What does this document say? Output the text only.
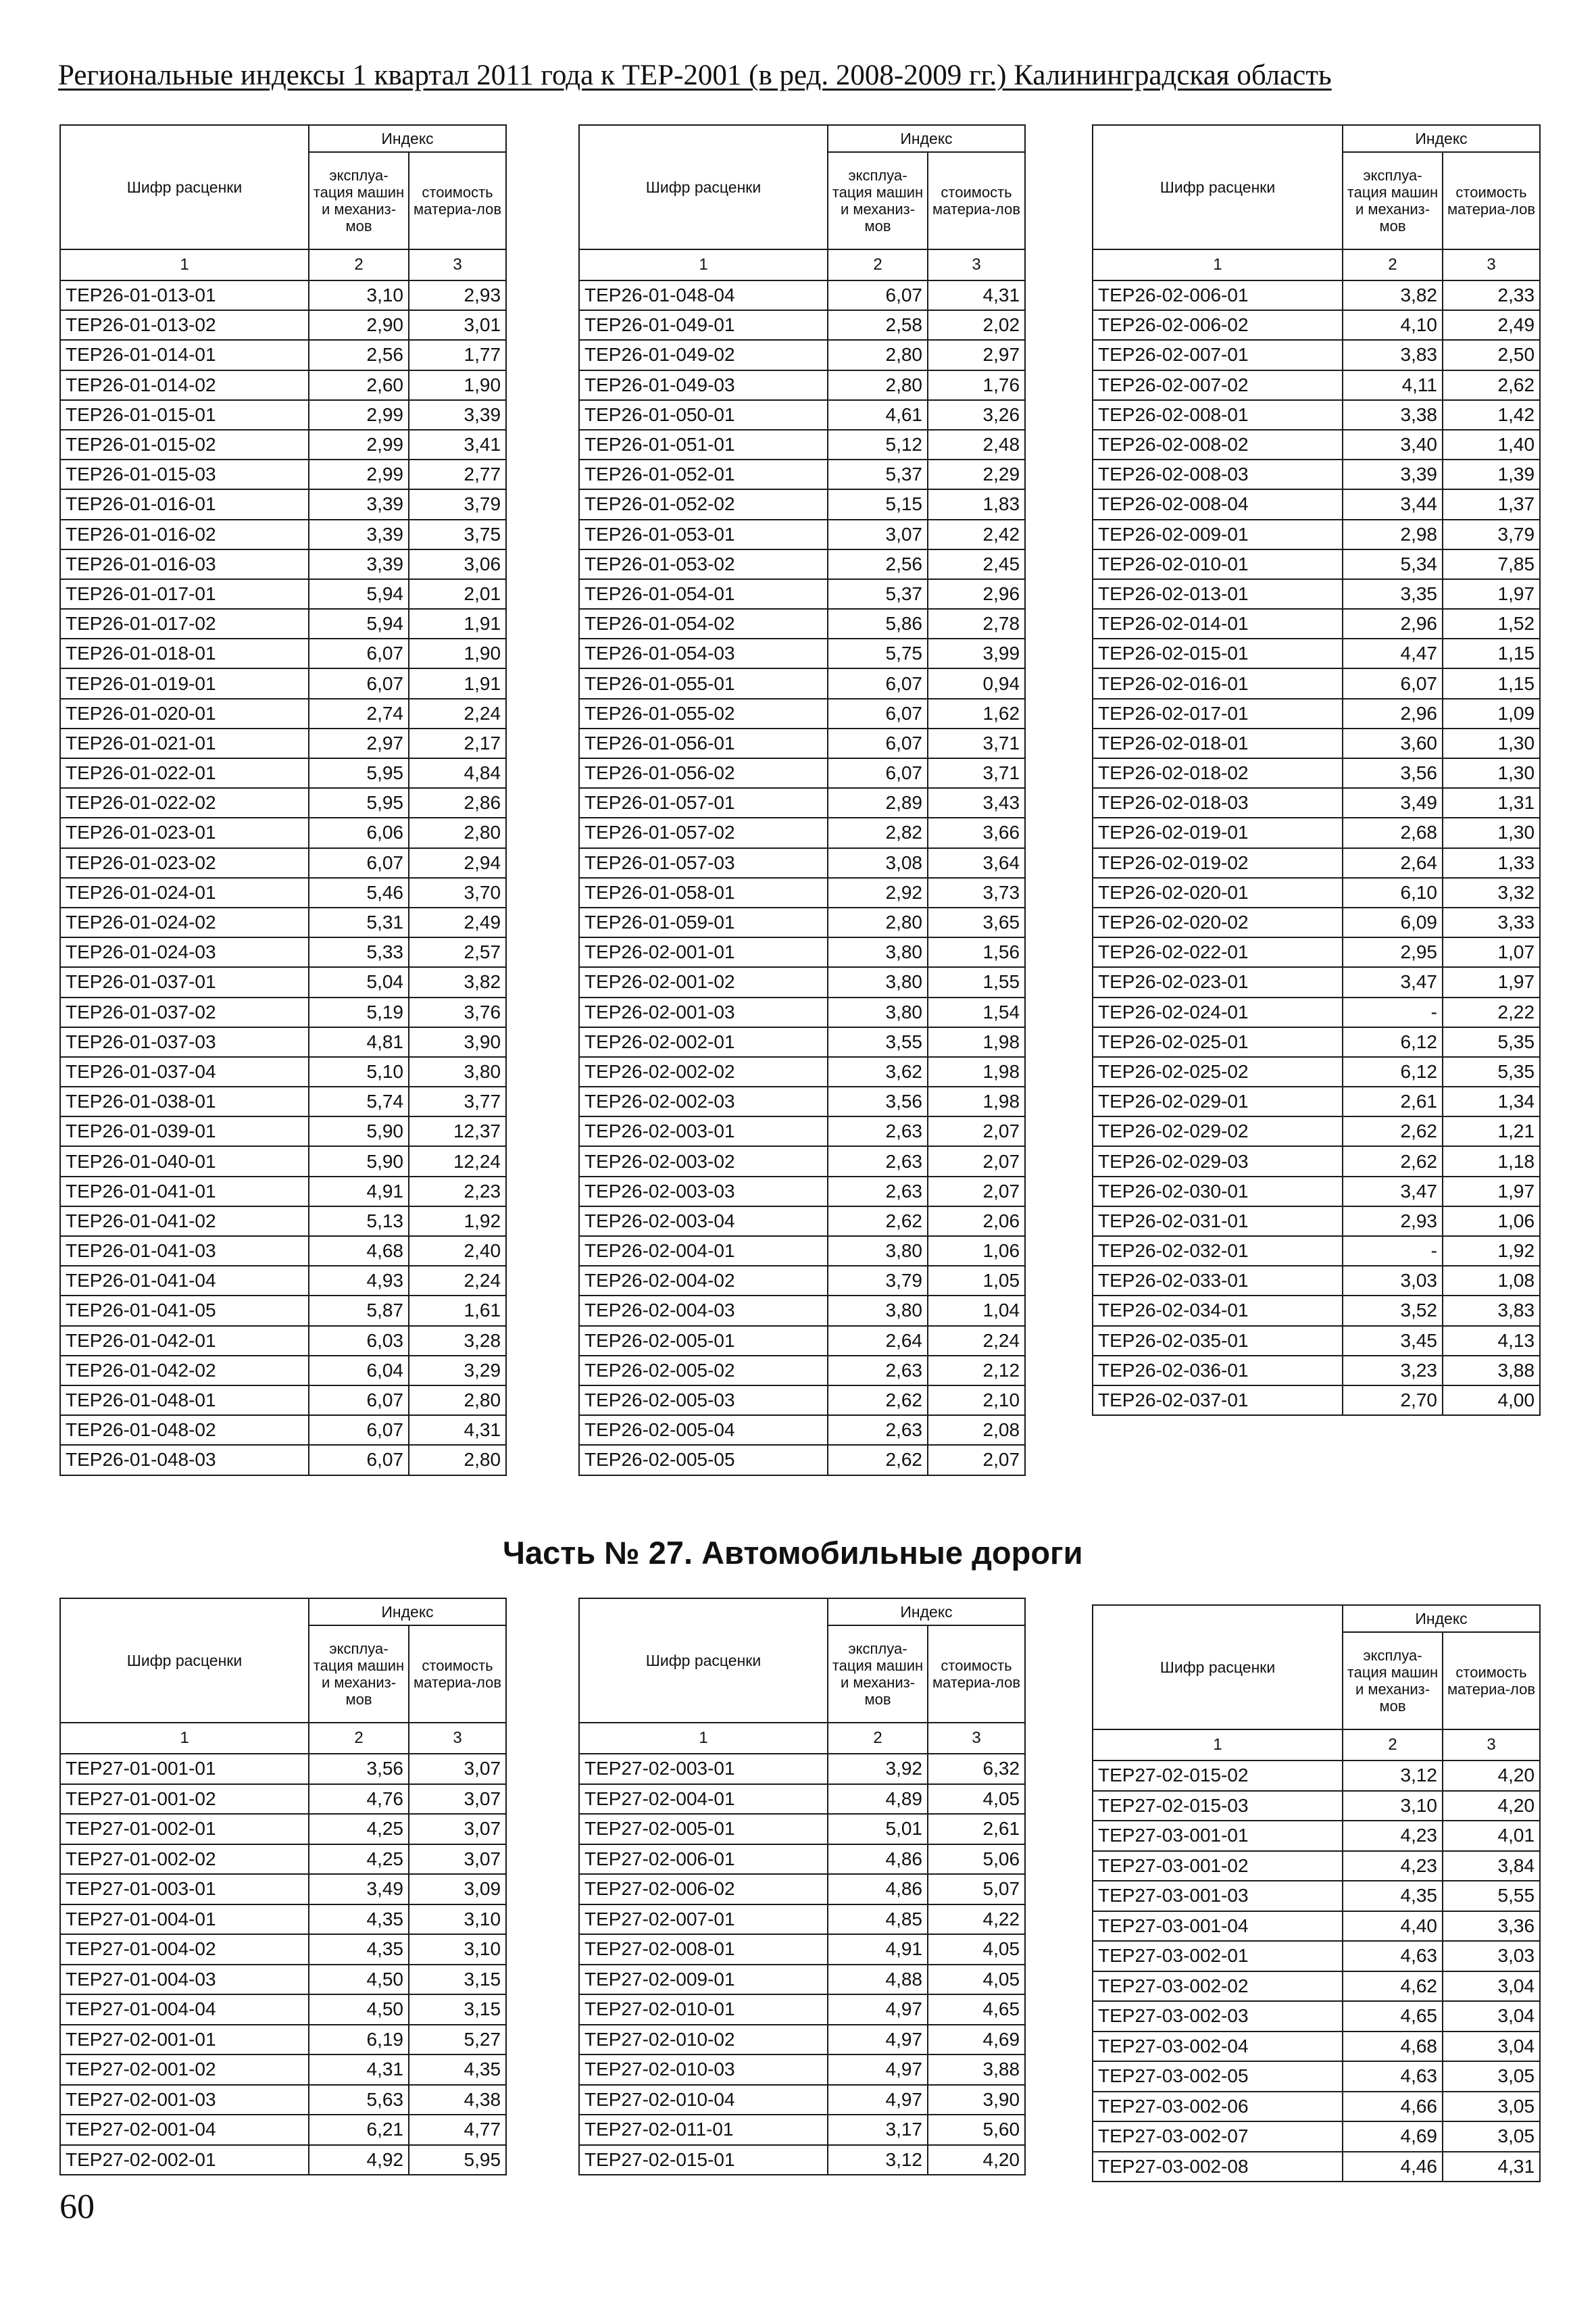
Региональные индексы 1 квартал 2011 года к ТЕР-2001 (в ред. 2008-2009 гг.) Калининградская область
Шифр расценки	Индекс	
	эксплуа-тация машин и механиз-мов	стоимость материа-лов
1	2	3
ТЕР26-01-013-01	3,10	2,93
ТЕР26-01-013-02	2,90	3,01
ТЕР26-01-014-01	2,56	1,77
ТЕР26-01-014-02	2,60	1,90
ТЕР26-01-015-01	2,99	3,39
ТЕР26-01-015-02	2,99	3,41
ТЕР26-01-015-03	2,99	2,77
ТЕР26-01-016-01	3,39	3,79
ТЕР26-01-016-02	3,39	3,75
ТЕР26-01-016-03	3,39	3,06
ТЕР26-01-017-01	5,94	2,01
ТЕР26-01-017-02	5,94	1,91
ТЕР26-01-018-01	6,07	1,90
ТЕР26-01-019-01	6,07	1,91
ТЕР26-01-020-01	2,74	2,24
ТЕР26-01-021-01	2,97	2,17
ТЕР26-01-022-01	5,95	4,84
ТЕР26-01-022-02	5,95	2,86
ТЕР26-01-023-01	6,06	2,80
ТЕР26-01-023-02	6,07	2,94
ТЕР26-01-024-01	5,46	3,70
ТЕР26-01-024-02	5,31	2,49
ТЕР26-01-024-03	5,33	2,57
ТЕР26-01-037-01	5,04	3,82
ТЕР26-01-037-02	5,19	3,76
ТЕР26-01-037-03	4,81	3,90
ТЕР26-01-037-04	5,10	3,80
ТЕР26-01-038-01	5,74	3,77
ТЕР26-01-039-01	5,90	12,37
ТЕР26-01-040-01	5,90	12,24
ТЕР26-01-041-01	4,91	2,23
ТЕР26-01-041-02	5,13	1,92
ТЕР26-01-041-03	4,68	2,40
ТЕР26-01-041-04	4,93	2,24
ТЕР26-01-041-05	5,87	1,61
ТЕР26-01-042-01	6,03	3,28
ТЕР26-01-042-02	6,04	3,29
ТЕР26-01-048-01	6,07	2,80
ТЕР26-01-048-02	6,07	4,31
ТЕР26-01-048-03	6,07	2,80
Шифр расценки	Индекс	
	эксплуа-тация машин и механиз-мов	стоимость материа-лов
1	2	3
ТЕР26-01-048-04	6,07	4,31
ТЕР26-01-049-01	2,58	2,02
ТЕР26-01-049-02	2,80	2,97
ТЕР26-01-049-03	2,80	1,76
ТЕР26-01-050-01	4,61	3,26
ТЕР26-01-051-01	5,12	2,48
ТЕР26-01-052-01	5,37	2,29
ТЕР26-01-052-02	5,15	1,83
ТЕР26-01-053-01	3,07	2,42
ТЕР26-01-053-02	2,56	2,45
ТЕР26-01-054-01	5,37	2,96
ТЕР26-01-054-02	5,86	2,78
ТЕР26-01-054-03	5,75	3,99
ТЕР26-01-055-01	6,07	0,94
ТЕР26-01-055-02	6,07	1,62
ТЕР26-01-056-01	6,07	3,71
ТЕР26-01-056-02	6,07	3,71
ТЕР26-01-057-01	2,89	3,43
ТЕР26-01-057-02	2,82	3,66
ТЕР26-01-057-03	3,08	3,64
ТЕР26-01-058-01	2,92	3,73
ТЕР26-01-059-01	2,80	3,65
ТЕР26-02-001-01	3,80	1,56
ТЕР26-02-001-02	3,80	1,55
ТЕР26-02-001-03	3,80	1,54
ТЕР26-02-002-01	3,55	1,98
ТЕР26-02-002-02	3,62	1,98
ТЕР26-02-002-03	3,56	1,98
ТЕР26-02-003-01	2,63	2,07
ТЕР26-02-003-02	2,63	2,07
ТЕР26-02-003-03	2,63	2,07
ТЕР26-02-003-04	2,62	2,06
ТЕР26-02-004-01	3,80	1,06
ТЕР26-02-004-02	3,79	1,05
ТЕР26-02-004-03	3,80	1,04
ТЕР26-02-005-01	2,64	2,24
ТЕР26-02-005-02	2,63	2,12
ТЕР26-02-005-03	2,62	2,10
ТЕР26-02-005-04	2,63	2,08
ТЕР26-02-005-05	2,62	2,07
Шифр расценки	Индекс	
	эксплуа-тация машин и механиз-мов	стоимость материа-лов
1	2	3
ТЕР26-02-006-01	3,82	2,33
ТЕР26-02-006-02	4,10	2,49
ТЕР26-02-007-01	3,83	2,50
ТЕР26-02-007-02	4,11	2,62
ТЕР26-02-008-01	3,38	1,42
ТЕР26-02-008-02	3,40	1,40
ТЕР26-02-008-03	3,39	1,39
ТЕР26-02-008-04	3,44	1,37
ТЕР26-02-009-01	2,98	3,79
ТЕР26-02-010-01	5,34	7,85
ТЕР26-02-013-01	3,35	1,97
ТЕР26-02-014-01	2,96	1,52
ТЕР26-02-015-01	4,47	1,15
ТЕР26-02-016-01	6,07	1,15
ТЕР26-02-017-01	2,96	1,09
ТЕР26-02-018-01	3,60	1,30
ТЕР26-02-018-02	3,56	1,30
ТЕР26-02-018-03	3,49	1,31
ТЕР26-02-019-01	2,68	1,30
ТЕР26-02-019-02	2,64	1,33
ТЕР26-02-020-01	6,10	3,32
ТЕР26-02-020-02	6,09	3,33
ТЕР26-02-022-01	2,95	1,07
ТЕР26-02-023-01	3,47	1,97
ТЕР26-02-024-01	-	2,22
ТЕР26-02-025-01	6,12	5,35
ТЕР26-02-025-02	6,12	5,35
ТЕР26-02-029-01	2,61	1,34
ТЕР26-02-029-02	2,62	1,21
ТЕР26-02-029-03	2,62	1,18
ТЕР26-02-030-01	3,47	1,97
ТЕР26-02-031-01	2,93	1,06
ТЕР26-02-032-01	-	1,92
ТЕР26-02-033-01	3,03	1,08
ТЕР26-02-034-01	3,52	3,83
ТЕР26-02-035-01	3,45	4,13
ТЕР26-02-036-01	3,23	3,88
ТЕР26-02-037-01	2,70	4,00
Шифр расценки	Индекс	
	эксплуа-тация машин и механиз-мов	стоимость материа-лов
1	2	3
ТЕР27-01-001-01	3,56	3,07
ТЕР27-01-001-02	4,76	3,07
ТЕР27-01-002-01	4,25	3,07
ТЕР27-01-002-02	4,25	3,07
ТЕР27-01-003-01	3,49	3,09
ТЕР27-01-004-01	4,35	3,10
ТЕР27-01-004-02	4,35	3,10
ТЕР27-01-004-03	4,50	3,15
ТЕР27-01-004-04	4,50	3,15
ТЕР27-02-001-01	6,19	5,27
ТЕР27-02-001-02	4,31	4,35
ТЕР27-02-001-03	5,63	4,38
ТЕР27-02-001-04	6,21	4,77
ТЕР27-02-002-01	4,92	5,95
Шифр расценки	Индекс	
	эксплуа-тация машин и механиз-мов	стоимость материа-лов
1	2	3
ТЕР27-02-003-01	3,92	6,32
ТЕР27-02-004-01	4,89	4,05
ТЕР27-02-005-01	5,01	2,61
ТЕР27-02-006-01	4,86	5,06
ТЕР27-02-006-02	4,86	5,07
ТЕР27-02-007-01	4,85	4,22
ТЕР27-02-008-01	4,91	4,05
ТЕР27-02-009-01	4,88	4,05
ТЕР27-02-010-01	4,97	4,65
ТЕР27-02-010-02	4,97	4,69
ТЕР27-02-010-03	4,97	3,88
ТЕР27-02-010-04	4,97	3,90
ТЕР27-02-011-01	3,17	5,60
ТЕР27-02-015-01	3,12	4,20
Шифр расценки	Индекс	
	эксплуа-тация машин и механиз-мов	стоимость материа-лов
1	2	3
ТЕР27-02-015-02	3,12	4,20
ТЕР27-02-015-03	3,10	4,20
ТЕР27-03-001-01	4,23	4,01
ТЕР27-03-001-02	4,23	3,84
ТЕР27-03-001-03	4,35	5,55
ТЕР27-03-001-04	4,40	3,36
ТЕР27-03-002-01	4,63	3,03
ТЕР27-03-002-02	4,62	3,04
ТЕР27-03-002-03	4,65	3,04
ТЕР27-03-002-04	4,68	3,04
ТЕР27-03-002-05	4,63	3,05
ТЕР27-03-002-06	4,66	3,05
ТЕР27-03-002-07	4,69	3,05
ТЕР27-03-002-08	4,46	4,31
Часть № 27. Автомобильные дороги
60
